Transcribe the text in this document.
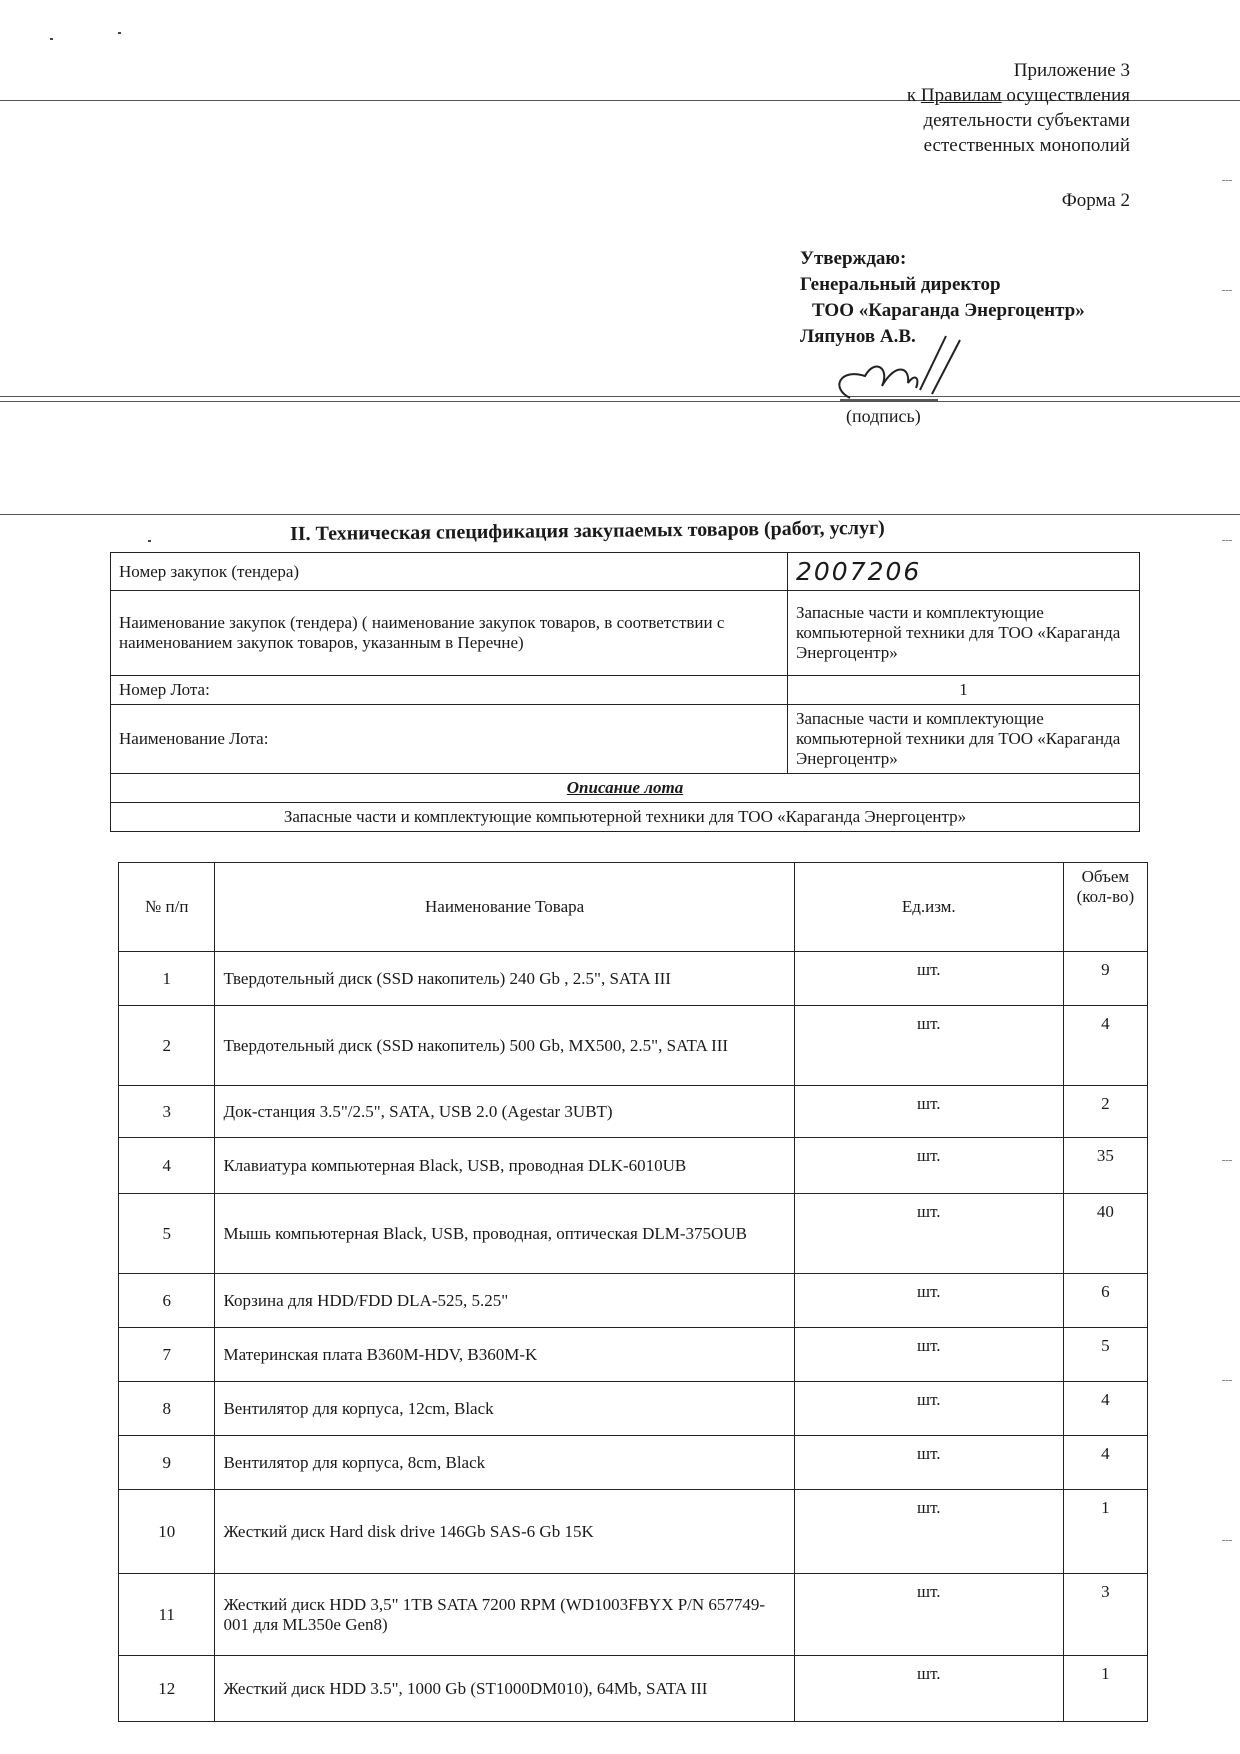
Приложение 3
к Правилам осуществления
деятельности субъектами
естественных монополий
Форма 2
Утверждаю:
Генеральный директор
ТОО «Караганда Энергоцентр»
Ляпунов А.В.
(подпись)
II. Техническая спецификация закупаемых товаров (работ, услуг)
Номер закупок (тендера)	2007206
Наименование закупок (тендера) ( наименование закупок товаров, в соответствии с наименованием закупок товаров, указанным в Перечне)	Запасные части и комплектующие компьютерной техники для ТОО «Караганда Энергоцентр»
Номер Лота:	1
Наименование Лота:	Запасные части и комплектующие компьютерной техники для ТОО «Караганда Энергоцентр»
Описание лота	
Запасные части и комплектующие компьютерной техники для ТОО «Караганда Энергоцентр»	
№ п/п	Наименование Товара	Ед.изм.	Объем (кол-во)
1	Твердотельный диск (SSD накопитель) 240 Gb , 2.5", SATA III	шт.	9
2	Твердотельный диск (SSD накопитель) 500 Gb, MX500, 2.5", SATA III	шт.	4
3	Док-станция 3.5"/2.5", SATA, USB 2.0 (Agestar 3UBT)	шт.	2
4	Клавиатура компьютерная Black, USB, проводная DLK-6010UB	шт.	35
5	Мышь компьютерная Black, USB, проводная, оптическая DLM-375OUB	шт.	40
6	Корзина для HDD/FDD DLA-525, 5.25"	шт.	6
7	Материнская плата B360M-HDV, B360M-K	шт.	5
8	Вентилятор для корпуса, 12cm, Black	шт.	4
9	Вентилятор для корпуса, 8cm, Black	шт.	4
10	Жесткий диск Hard disk drive 146Gb SAS-6 Gb 15K	шт.	1
11	Жесткий диск HDD 3,5" 1TB SATA 7200 RPM (WD1003FBYX P/N 657749-001 для ML350e Gen8)	шт.	3
12	Жесткий диск HDD 3.5", 1000 Gb (ST1000DM010), 64Mb, SATA III	шт.	1
